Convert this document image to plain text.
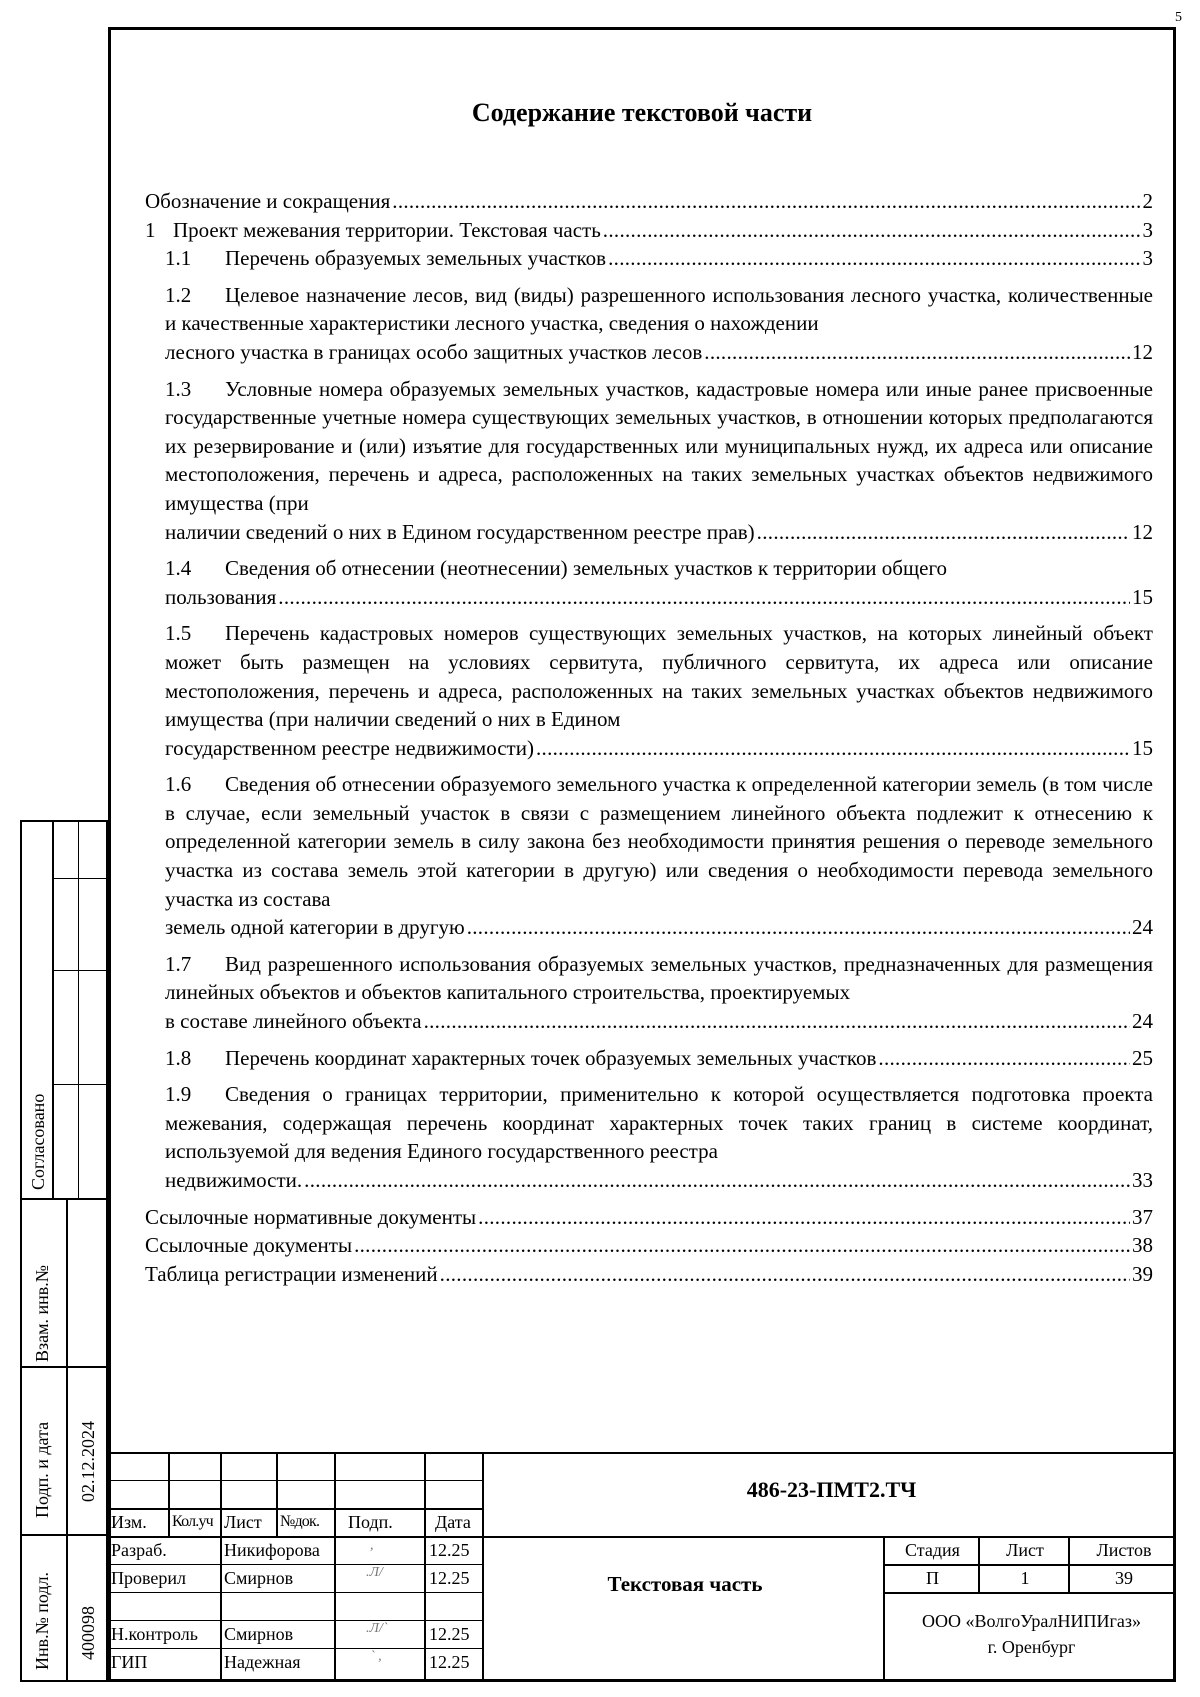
5
Содержание текстовой части
Обозначение и сокращения .....	2
1 Проект межевания территории. Текстовая часть .....	3
1.1	Перечень образуемых земельных участков .....	3

1.2 Целевое назначение лесов, вид (виды) разрешенного использования лесного участка, количественные и качественные характеристики лесного участка, сведения о нахождении

лесного участка в границах особо защитных участков лесов .....	12

1.3 Условные номера образуемых земельных участков, кадастровые номера или иные ранее присвоенные государственные учетные номера существующих земельных участков, в отношении которых предполагаются их резервирование и (или) изъятие для государственных или муниципальных нужд, их адреса или описание местоположения, перечень и адреса, расположенных на таких земельных участках объектов недвижимого имущества (при

наличии сведений о них в Едином государственном реестре прав) .....	12

1.4 Сведения об отнесении (неотнесении) земельных участков к территории общего

пользования .....	15

1.5 Перечень кадастровых номеров существующих земельных участков, на которых линейный объект может быть размещен на условиях сервитута, публичного сервитута, их адреса или описание местоположения, перечень и адреса, расположенных на таких земельных участках объектов недвижимого имущества (при наличии сведений о них в Едином

государственном реестре недвижимости) .....	15

1.6 Сведения об отнесении образуемого земельного участка к определенной категории земель (в том числе в случае, если земельный участок в связи с размещением линейного объекта подлежит к отнесению к определенной категории земель в силу закона без необходимости принятия решения о переводе земельного участка из состава земель этой категории в другую) или сведения о необходимости перевода земельного участка из состава

земель одной категории в другую .....	24

1.7 Вид разрешенного использования образуемых земельных участков, предназначенных для размещения линейных объектов и объектов капитального строительства, проектируемых

в составе линейного объекта .....	24
1.8	Перечень координат характерных точек образуемых земельных участков .....	25

1.9 Сведения о границах территории, применительно к которой осуществляется подготовка проекта межевания, содержащая перечень координат характерных точек таких границ в системе координат, используемой для ведения Единого государственного реестра

недвижимости. .....	33
Ссылочные нормативные документы .....	37
Ссылочные документы .....	38
Таблица регистрации изменений .....	39
Согласовано
Взам. инв.№
Подп. и дата 02.12.2024
Инв.№ подл. 400098
Изм.	Кол.уч Лист	№док.	Подп.	Дата
486-23-ПМТ2.ТЧ
Разраб.	Никифорова	12.25
Проверил	Смирнов	12.25
Н.контроль	Смирнов	12.25
ГИП	Надежная	12.25
,
.Л/
.Л/`
` ,
Текстовая часть
Стадия	Лист	Листов
П	1	39
ООО «ВолгоУралНИПИгаз»
г. Оренбург
